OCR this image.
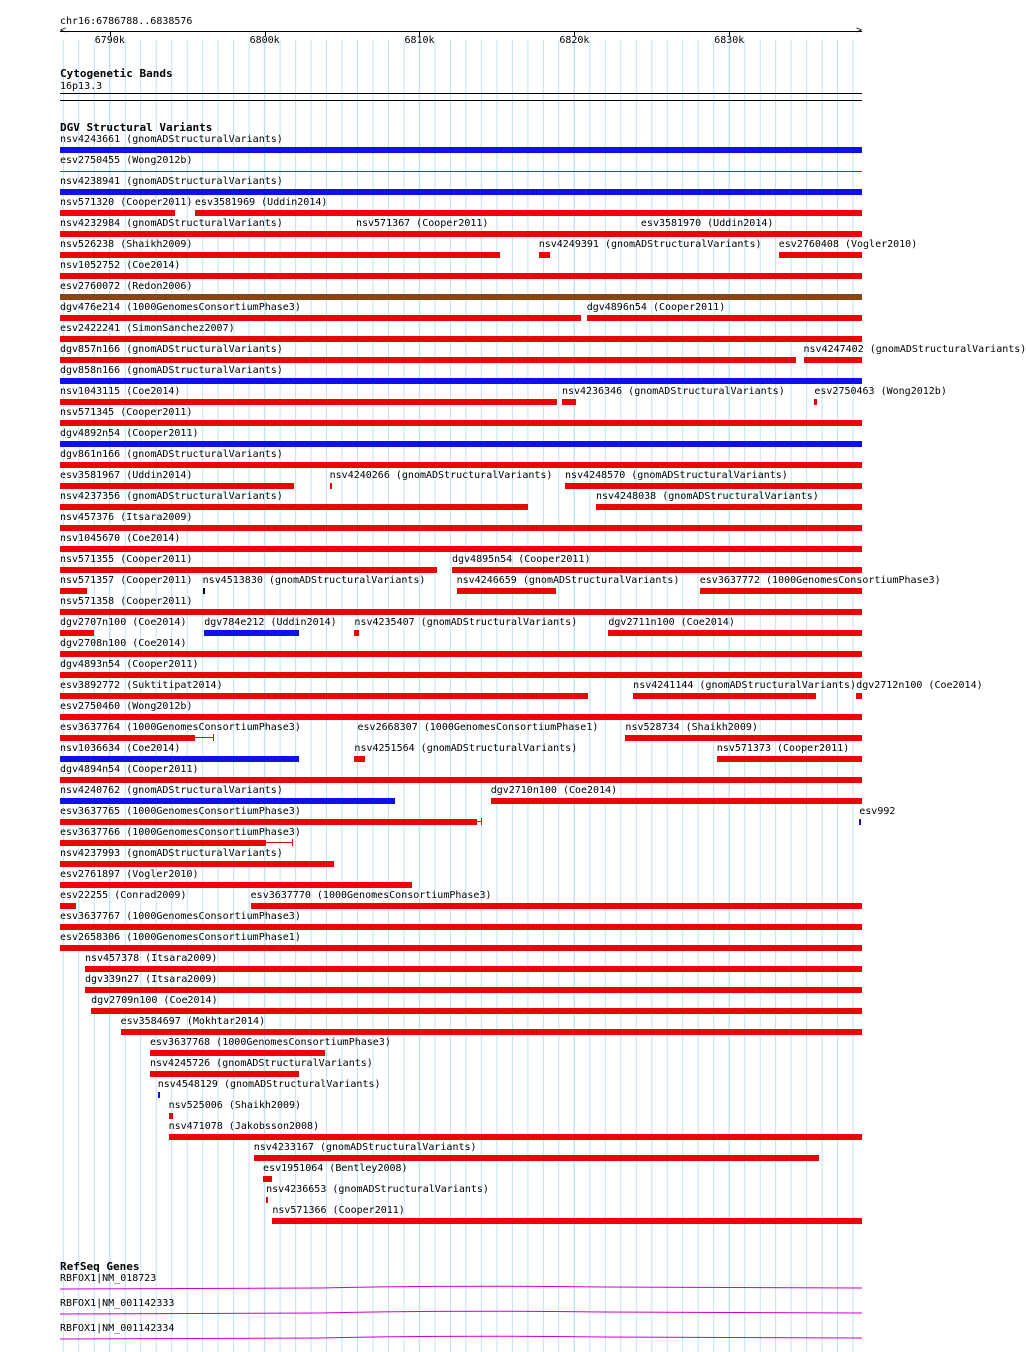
chr16:6786788..6838576
6790k	6800k	6810k	6820k	6830k
<	>
Cytogenetic Bands
16p13.3
DGV Structural Variants
nsv4243661 (gnomADStructuralVariants)
esv2750455 (Wong2012b)
nsv4238941 (gnomADStructuralVariants)
nsv571320 (Cooper2011) esv3581969 (Uddin2014)
nsv4232984 (gnomADStructuralVariants)	nsv571367 (Cooper2011)	esv3581970 (Uddin2014)
nsv526238 (Shaikh2009)	nsv4249391 (gnomADStructuralVariants) esv2760408 (Vogler2010)
nsv1052752 (Coe2014)
esv2760072 (Redon2006)
dgv476e214 (1000GenomesConsortiumPhase3)	dgv4896n54 (Cooper2011)
esv2422241 (SimonSanchez2007)
dgv857n166 (gnomADStructuralVariants)	nsv4247402 (gnomADStructuralVariants)
dgv858n166 (gnomADStructuralVariants)
nsv1043115 (Coe2014)	nsv4236346 (gnomADStructuralVariants)	esv2750463 (Wong2012b)
nsv571345 (Cooper2011)
dgv4892n54 (Cooper2011)
dgv861n166 (gnomADStructuralVariants)
esv3581967 (Uddin2014)	nsv4240266 (gnomADStructuralVariants) nsv4248570 (gnomADStructuralVariants)
nsv4237356 (gnomADStructuralVariants)	nsv4248038 (gnomADStructuralVariants)
nsv457376 (Itsara2009)
nsv1045670 (Coe2014)
nsv571355 (Cooper2011)	dgv4895n54 (Cooper2011)
nsv571357 (Cooper2011) nsv4513830 (gnomADStructuralVariants)	nsv4246659 (gnomADStructuralVariants) esv3637772 (1000GenomesConsortiumPhase3)
nsv571358 (Cooper2011)
dgv2707n100 (Coe2014) dgv784e212 (Uddin2014) nsv4235407 (gnomADStructuralVariants)	dgv2711n100 (Coe2014)
dgv2708n100 (Coe2014)
dgv4893n54 (Cooper2011)
esv3892772 (Suktitipat2014)	nsv4241144 (gnomADStructuralVariants) dgv2712n100 (Coe2014)
esv2750460 (Wong2012b)
esv3637764 (1000GenomesConsortiumPhase3)	esv2668307 (1000GenomesConsortiumPhase1)	nsv528734 (Shaikh2009)
nsv1036634 (Coe2014)	nsv4251564 (gnomADStructuralVariants)	nsv571373 (Cooper2011)
dgv4894n54 (Cooper2011)
nsv4240762 (gnomADStructuralVariants)	dgv2710n100 (Coe2014)
esv3637765 (1000GenomesConsortiumPhase3)	esv992
esv3637766 (1000GenomesConsortiumPhase3)
nsv4237993 (gnomADStructuralVariants)
esv2761897 (Vogler2010)
esv22255 (Conrad2009)	esv3637770 (1000GenomesConsortiumPhase3)
esv3637767 (1000GenomesConsortiumPhase3)
esv2658306 (1000GenomesConsortiumPhase1)
nsv457378 (Itsara2009)
dgv339n27 (Itsara2009)
dgv2709n100 (Coe2014)
esv3584697 (Mokhtar2014)
esv3637768 (1000GenomesConsortiumPhase3)
nsv4245726 (gnomADStructuralVariants)
nsv4548129 (gnomADStructuralVariants)
nsv525006 (Shaikh2009)
nsv471078 (Jakobsson2008)
nsv4233167 (gnomADStructuralVariants)
esv1951064 (Bentley2008)
nsv4236653 (gnomADStructuralVariants)
nsv571366 (Cooper2011)
RefSeq Genes
RBFOX1|NM_018723
RBFOX1|NM_001142333
RBFOX1|NM_001142334
